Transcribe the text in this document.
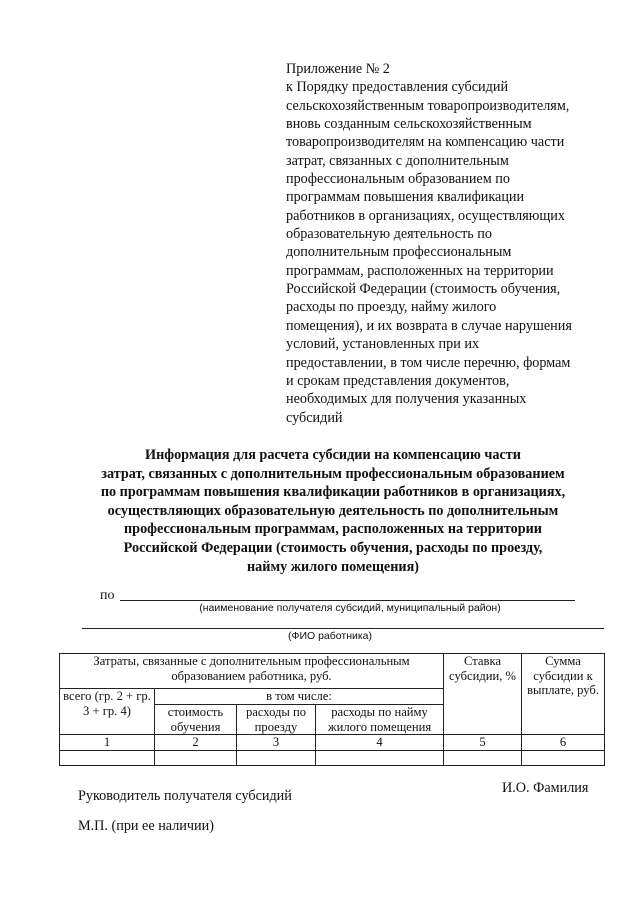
Приложение № 2

к Порядку предоставления субсидий

сельскохозяйственным товаропроизводителям,

вновь созданным сельскохозяйственным

товаропроизводителям на компенсацию части

затрат, связанных с дополнительным

профессиональным образованием по

программам повышения квалификации

работников в организациях, осуществляющих

образовательную деятельность по

дополнительным профессиональным

программам, расположенных на территории

Российской Федерации (стоимость обучения,

расходы по проезду, найму жилого

помещения), и их возврата в случае нарушения

условий, установленных при их

предоставлении, в том числе перечню, формам

и срокам представления документов,

необходимых для получения указанных

субсидий

Информация для расчета субсидии на компенсацию части
затрат, связанных с дополнительным профессиональным образованием
по программам повышения квалификации работников в организациях,
осуществляющих образовательную деятельность по дополнительным
профессиональным программам, расположенных на территории
Российской Федерации (стоимость обучения, расходы по проезду,
найму жилого помещения)
по
(наименование получателя субсидий, муниципальный район)
(ФИО работника)
Затраты, связанные с дополнительным профессиональным образованием работника, руб.				Ставка субсидии, %	Сумма субсидии к выплате, руб.
всего (гр. 2 + гр. 3 + гр. 4)	в том числе:				
	стоимость обучения	расходы по проезду	расходы по найму жилого помещения		
1	2	3	4	5	6

Руководитель получателя субсидий	И.О. Фамилия
М.П. (при ее наличии)
